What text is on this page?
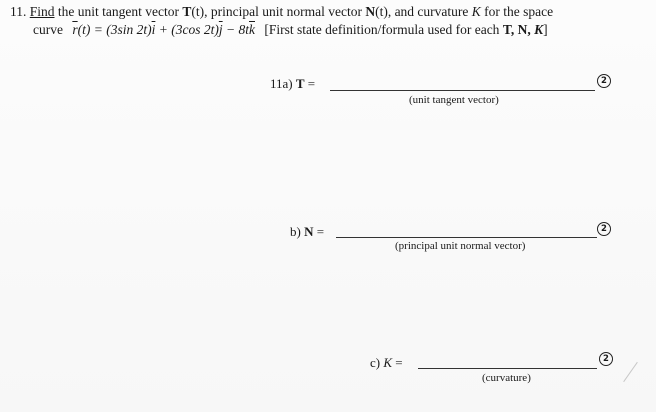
11. Find the unit tangent vector T(t), principal unit normal vector N(t), and curvature K for the space
curve $\overline{r}(t) = (3\sin$ $2t)\overline{i} + (3\cos$ $2t)\overline{j} - 8t\overline{k}$ [First state definition/formula used for each T, N, K]
11a) T =
(unit tangent vector)
2
b) N =
(principal unit normal vector)
2
c) K =
(curvature)
2
